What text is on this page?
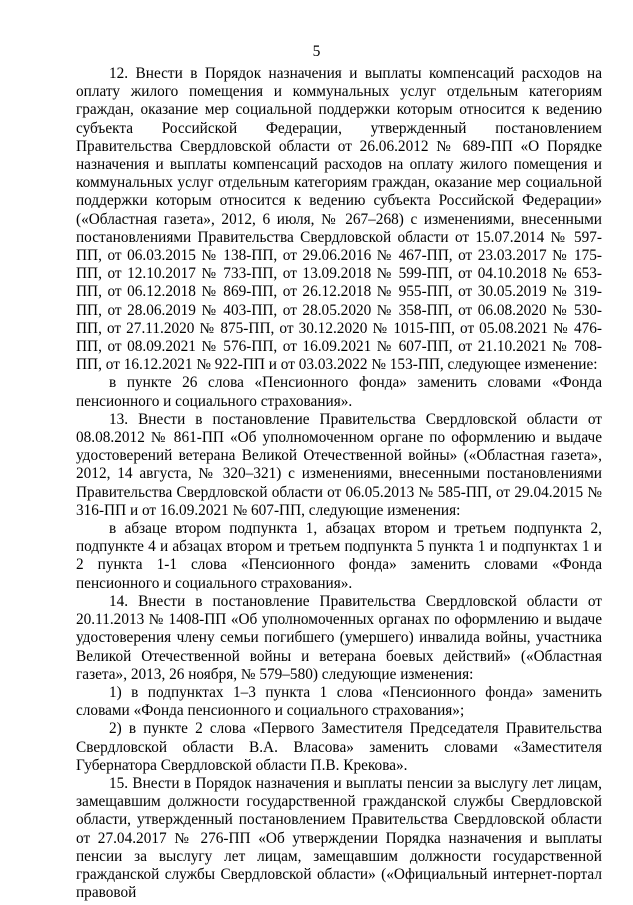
5

12. Внести в Порядок назначения и выплаты компенсаций расходов на оплату жилого помещения и коммунальных услуг отдельным категориям граждан, оказание мер социальной поддержки которым относится к ведению субъекта Российской Федерации, утвержденный постановлением Правительства Свердловской области от 26.06.2012 № 689-ПП «О Порядке назначения и выплаты компенсаций расходов на оплату жилого помещения и коммунальных услуг отдельным категориям граждан, оказание мер социальной поддержки которым относится к ведению субъекта Российской Федерации» («Областная газета», 2012, 6 июля, № 267–268) с изменениями, внесенными постановлениями Правительства Свердловской области от 15.07.2014 № 597-ПП, от 06.03.2015 № 138-ПП, от 29.06.2016 № 467-ПП, от 23.03.2017 № 175-ПП, от 12.10.2017 № 733-ПП, от 13.09.2018 № 599-ПП, от 04.10.2018 № 653-ПП, от 06.12.2018 № 869-ПП, от 26.12.2018 № 955-ПП, от 30.05.2019 № 319-ПП, от 28.06.2019 № 403-ПП, от 28.05.2020 № 358-ПП, от 06.08.2020 № 530-ПП, от 27.11.2020 № 875-ПП, от 30.12.2020 № 1015-ПП, от 05.08.2021 № 476-ПП, от 08.09.2021 № 576-ПП, от 16.09.2021 № 607-ПП, от 21.10.2021 № 708-ПП, от 16.12.2021 № 922-ПП и от 03.03.2022 № 153-ПП, следующее изменение:

в пункте 26 слова «Пенсионного фонда» заменить словами «Фонда пенсионного и социального страхования».

13. Внести в постановление Правительства Свердловской области от 08.08.2012 № 861-ПП «Об уполномоченном органе по оформлению и выдаче удостоверений ветерана Великой Отечественной войны» («Областная газета», 2012, 14 августа, № 320–321) с изменениями, внесенными постановлениями Правительства Свердловской области от 06.05.2013 № 585-ПП, от 29.04.2015 № 316-ПП и от 16.09.2021 № 607-ПП, следующие изменения:

в абзаце втором подпункта 1, абзацах втором и третьем подпункта 2, подпункте 4 и абзацах втором и третьем подпункта 5 пункта 1 и подпунктах 1 и 2 пункта 1-1 слова «Пенсионного фонда» заменить словами «Фонда пенсионного и социального страхования».

14. Внести в постановление Правительства Свердловской области от 20.11.2013 № 1408-ПП «Об уполномоченных органах по оформлению и выдаче удостоверения члену семьи погибшего (умершего) инвалида войны, участника Великой Отечественной войны и ветерана боевых действий» («Областная газета», 2013, 26 ноября, № 579–580) следующие изменения:

1) в подпунктах 1–3 пункта 1 слова «Пенсионного фонда» заменить словами «Фонда пенсионного и социального страхования»;

2) в пункте 2 слова «Первого Заместителя Председателя Правительства Свердловской области В.А. Власова» заменить словами «Заместителя Губернатора Свердловской области П.В. Крекова».

15. Внести в Порядок назначения и выплаты пенсии за выслугу лет лицам, замещавшим должности государственной гражданской службы Свердловской области, утвержденный постановлением Правительства Свердловской области от 27.04.2017 № 276-ПП «Об утверждении Порядка назначения и выплаты пенсии за выслугу лет лицам, замещавшим должности государственной гражданской службы Свердловской области» («Официальный интернет-портал правовой
